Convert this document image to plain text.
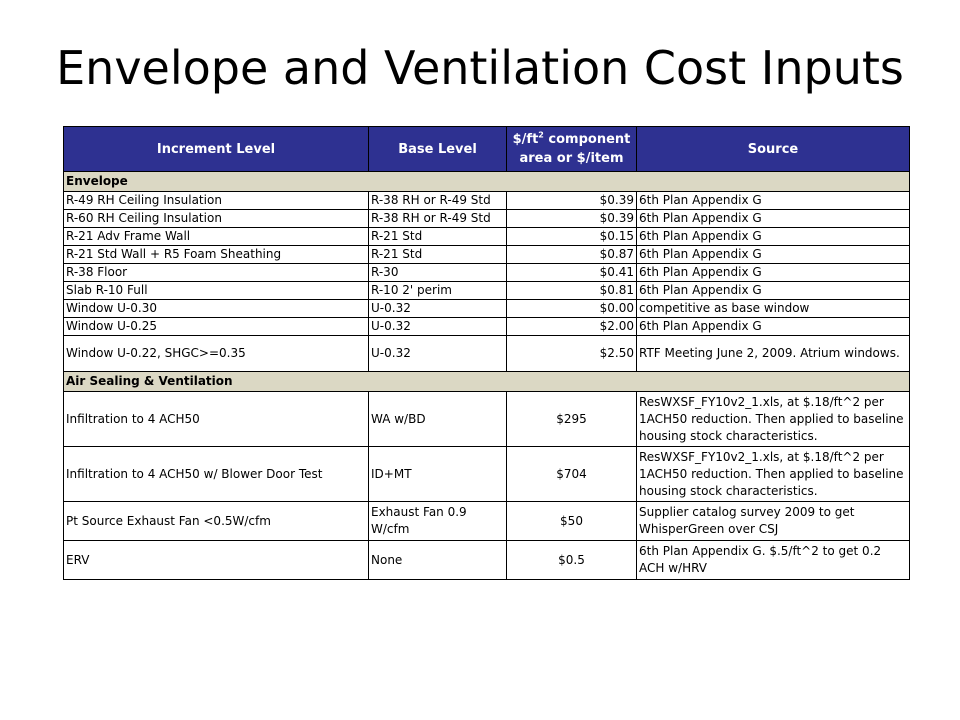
Envelope and Ventilation Cost Inputs
Increment Level	Base Level	$\$/ft^2$ component area or $/item	Source
Envelope			
R-49 RH Ceiling Insulation	R-38 RH or R-49 Std	$0.39	6th Plan Appendix G
R-60 RH Ceiling Insulation	R-38 RH or R-49 Std	$0.39	6th Plan Appendix G
R-21 Adv Frame Wall	R-21 Std	$0.15	6th Plan Appendix G
R-21 Std Wall + R5 Foam Sheathing	R-21 Std	$0.87	6th Plan Appendix G
R-38 Floor	R-30	$0.41	6th Plan Appendix G
Slab R-10 Full	R-10 2' perim	$0.81	6th Plan Appendix G
Window U-0.30	U-0.32	$0.00	competitive as base window
Window U-0.25	U-0.32	$2.00	6th Plan Appendix G
Window U-0.22, SHGC>=0.35	U-0.32	$2.50	RTF Meeting June 2, 2009. Atrium windows.
Air Sealing & Ventilation			
Infiltration to 4 ACH50	WA w/BD	$295	ResWXSF_FY10v2_1.xls, at $.18/ft^2 per 1ACH50 reduction. Then applied to baseline housing stock characteristics.
Infiltration to 4 ACH50 w/ Blower Door Test	ID+MT	$704	ResWXSF_FY10v2_1.xls, at $.18/ft^2 per 1ACH50 reduction. Then applied to baseline housing stock characteristics.
Pt Source Exhaust Fan <0.5W/cfm	Exhaust Fan 0.9 W/cfm	$50	Supplier catalog survey 2009 to get WhisperGreen over CSJ
ERV	None	$0.5	6th Plan Appendix G. $.5/ft^2 to get 0.2 ACH w/HRV
